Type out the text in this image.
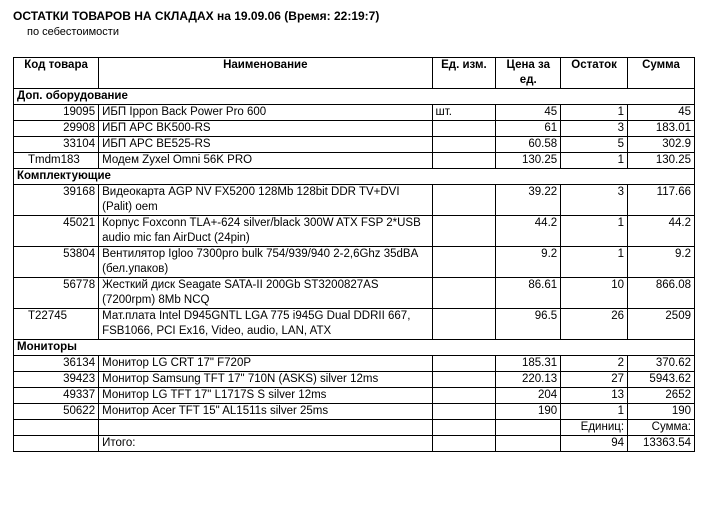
ОСТАТКИ ТОВАРОВ НА СКЛАДАХ на 19.09.06 (Время: 22:19:7)
по себестоимости
Код товара	Наименование	Ед. изм.	Цена за ед.	Остаток	Сумма
Доп. оборудование					
19095	ИБП Ippon Back Power Pro 600	шт.	45	1	45
29908	ИБП APC BK500-RS		61	3	183.01
33104	ИБП APC BE525-RS		60.58	5	302.9
Tmdm183	Модем Zyxel Omni 56K PRO		130.25	1	130.25
Комплектующие					
39168	Видеокарта AGP NV FX5200 128Mb 128bit DDR TV+DVI (Palit) oem		39.22	3	117.66
45021	Корпус Foxconn TLA+-624 silver/black 300W ATX FSP 2*USB audio mic fan AirDuct (24pin)		44.2	1	44.2
53804	Вентилятор Igloo 7300pro bulk 754/939/940 2-2,6Ghz 35dBA (бел.упаков)		9.2	1	9.2
56778	Жесткий диск Seagate SATA-II 200Gb ST3200827AS (7200rpm) 8Mb NCQ		86.61	10	866.08
T22745	Мат.плата Intel D945GNTL LGA 775 i945G Dual DDRII 667, FSB1066, PCI Ex16, Video, audio, LAN, ATX		96.5	26	2509
Мониторы					
36134	Монитор LG CRT 17" F720P		185.31	2	370.62
39423	Монитор Samsung TFT 17" 710N (ASKS) silver 12ms		220.13	27	5943.62
49337	Монитор LG TFT 17" L1717S S silver 12ms		204	13	2652
50622	Монитор Acer TFT 15" AL1511s silver 25ms		190	1	190
				Единиц:	Сумма:
	Итого:			94	13363.54
